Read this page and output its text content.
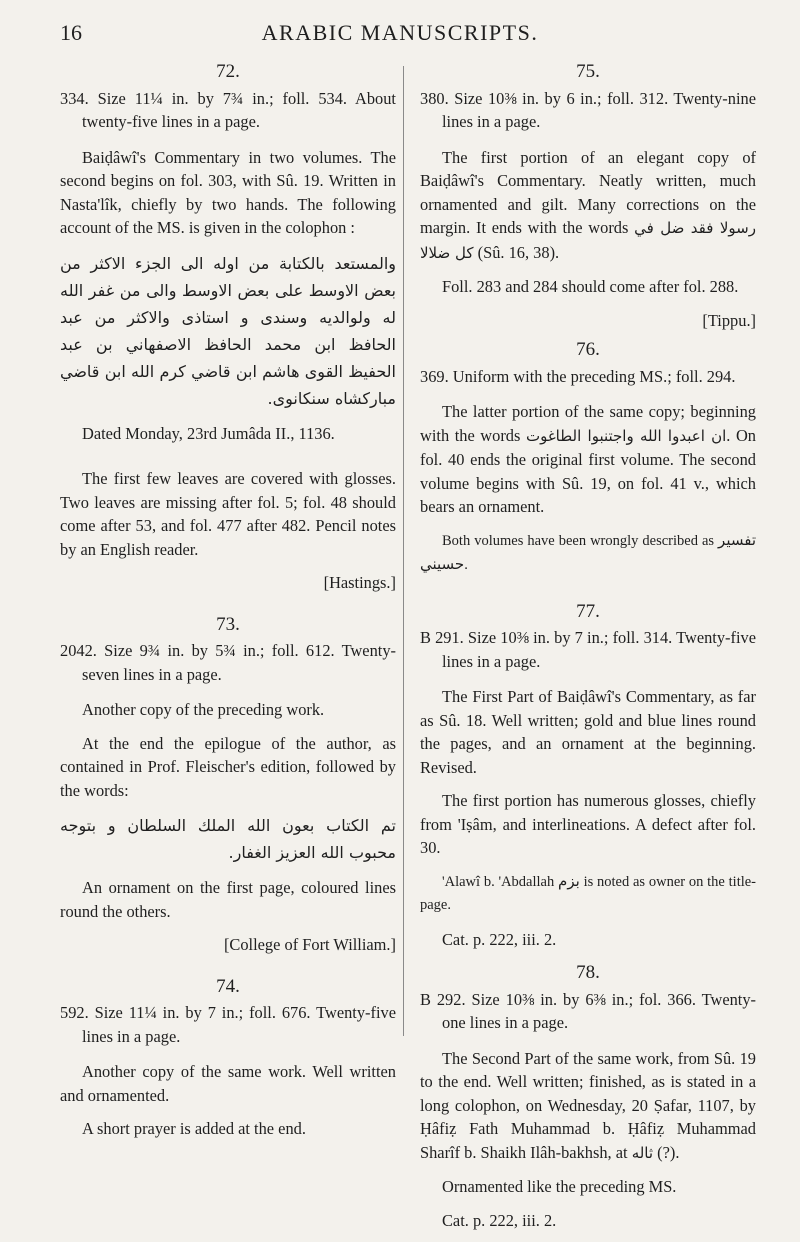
16	ARABIC MANUSCRIPTS.
72.

334. Size 11¼ in. by 7¾ in.; foll. 534. About twenty-five lines in a page.

Baiḍâwî's Commentary in two volumes. The second begins on fol. 303, with Sû. 19. Written in Nasta'lîk, chiefly by two hands. The following account of the MS. is given in the colophon :

والمستعد بالكتابة من اوله الى الجزء الاكثر من بعض الاوسط على بعض الاوسط والى من غفر الله له ولوالديه وسندى و استاذى والاكثر من عبد الحافظ ابن محمد الحافظ الاصفهاني بن عبد الحفيظ القوى هاشم ابن قاضي كرم الله ابن قاضي مباركشاه سنكانوى.

Dated Monday, 23rd Jumâda II., 1136.

The first few leaves are covered with glosses. Two leaves are missing after fol. 5; fol. 48 should come after 53, and fol. 477 after 482. Pencil notes by an English reader.

[Hastings.]

73.

2042. Size 9¾ in. by 5¾ in.; foll. 612. Twenty-seven lines in a page.

Another copy of the preceding work.

At the end the epilogue of the author, as contained in Prof. Fleischer's edition, followed by the words:

تم الكتاب بعون الله الملك السلطان و بتوجه محبوب الله العزيز الغفار.

An ornament on the first page, coloured lines round the others.

[College of Fort William.]

74.

592. Size 11¼ in. by 7 in.; foll. 676. Twenty-five lines in a page.

Another copy of the same work. Well written and ornamented.

A short prayer is added at the end.

75.

380. Size 10⅜ in. by 6 in.; foll. 312. Twenty-nine lines in a page.

The first portion of an elegant copy of Baiḍâwî's Commentary. Neatly written, much ornamented and gilt. Many corrections on the margin. It ends with the words رسولا فقد ضل في كل ضلالا (Sû. 16, 38).

Foll. 283 and 284 should come after fol. 288.

[Tippu.]

76.

369. Uniform with the preceding MS.; foll. 294.

The latter portion of the same copy; beginning with the words ان اعبدوا الله واجتنبوا الطاغوت. On fol. 40 ends the original first volume. The second volume begins with Sû. 19, on fol. 41 v., which bears an ornament.

Both volumes have been wrongly described as تفسير حسيني.

77.

B 291. Size 10⅜ in. by 7 in.; foll. 314. Twenty-five lines in a page.

The First Part of Baiḍâwî's Commentary, as far as Sû. 18. Well written; gold and blue lines round the pages, and an ornament at the beginning. Revised.

The first portion has numerous glosses, chiefly from 'Iṣâm, and interlineations. A defect after fol. 30.

'Alawî b. 'Abdallah بزم is noted as owner on the title-page.

Cat. p. 222, iii. 2.

78.

B 292. Size 10⅜ in. by 6⅜ in.; fol. 366. Twenty-one lines in a page.

The Second Part of the same work, from Sû. 19 to the end. Well written; finished, as is stated in a long colophon, on Wednesday, 20 Ṣafar, 1107, by Ḥâfiẓ Fath Muhammad b. Ḥâfiẓ Muhammad Sharîf b. Shaikh Ilâh-bakhsh, at ثاله (?).

Ornamented like the preceding MS.

Cat. p. 222, iii. 2.
